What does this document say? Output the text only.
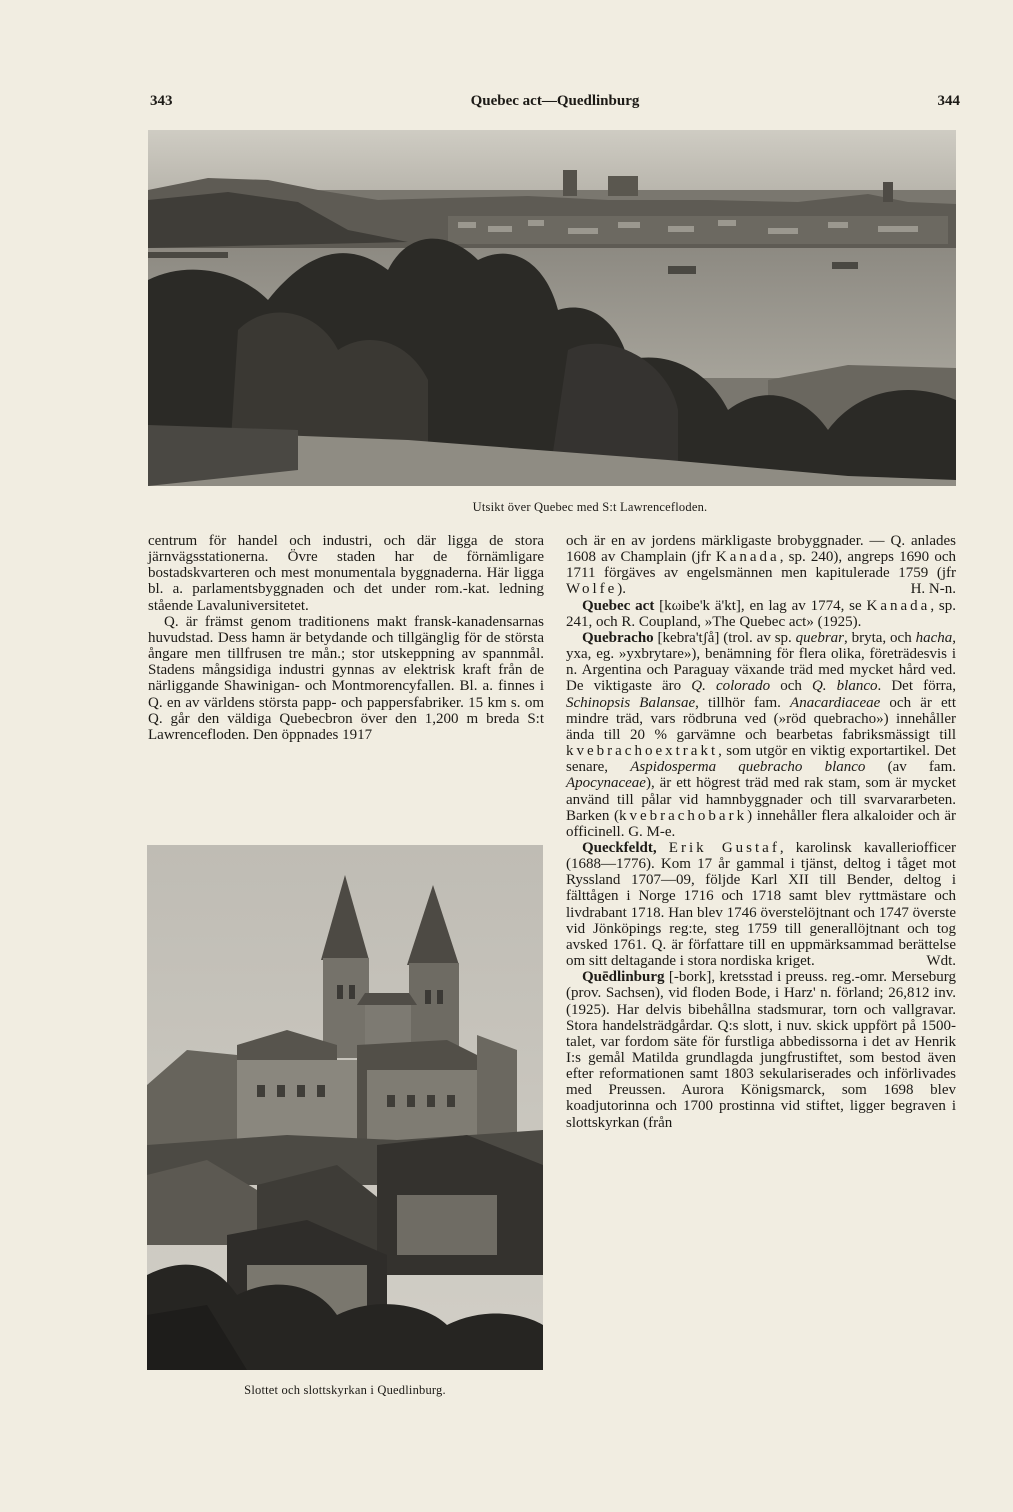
343	Quebec act—Quedlinburg	344
Utsikt över Quebec med S:t Lawrencefloden.

centrum för handel och industri, och där ligga de stora järnvägsstationerna. Övre staden har de förnämligare bostadskvarteren och mest monumentala byggnaderna. Här ligga bl. a. parlamentsbyggnaden och det under rom.-kat. ledning stående Lavaluniversitetet.

Q. är främst genom traditionens makt fransk-kanadensarnas huvudstad. Dess hamn är betydande och tillgänglig för de största ångare men tillfrusen tre mån.; stor utskeppning av spannmål. Stadens mångsidiga industri gynnas av elektrisk kraft från de närliggande Shawinigan- och Montmorencyfallen. Bl. a. finnes i Q. en av världens största papp- och pappersfabriker. 15 km s. om Q. går den väldiga Quebecbron över den 1,200 m breda S:t Lawrencefloden. Den öppnades 1917

Slottet och slottskyrkan i Quedlinburg.

och är en av jordens märkligaste brobyggnader. — Q. anlades 1608 av Champlain (jfr Kanada, sp. 240), angreps 1690 och 1711 förgäves av engelsmännen men kapitulerade 1759 (jfr Wolfe).	H. N-n.

Quebec act [kωibe'k ä'kt], en lag av 1774, se Kanada, sp. 241, och R. Coupland, »The Quebec act» (1925).

Quebracho [kebra'tʃå] (trol. av sp. quebrar, bryta, och hacha, yxa, eg. »yxbrytare»), benämning för flera olika, företrädesvis i n. Argentina och Paraguay växande träd med mycket hård ved. De viktigaste äro Q. colorado och Q. blanco. Det förra, Schinopsis Balansae, tillhör fam. Anacardiaceae och är ett mindre träd, vars rödbruna ved (»röd quebracho») innehåller ända till 20 % garvämne och bearbetas fabriksmässigt till kvebrachoextrakt, som utgör en viktig exportartikel. Det senare, Aspidosperma quebracho blanco (av fam. Apocynaceae), är ett högrest träd med rak stam, som är mycket använd till pålar vid hamnbyggnader och till svarvararbeten. Barken (kvebrachobark) innehåller flera alkaloider och är officinell. G. M-e.

Queckfeldt, Erik Gustaf, karolinsk kavalleriofficer (1688—1776). Kom 17 år gammal i tjänst, deltog i tåget mot Ryssland 1707—09, följde Karl XII till Bender, deltog i fälttågen i Norge 1716 och 1718 samt blev ryttmästare och livdrabant 1718. Han blev 1746 överstelöjtnant och 1747 överste vid Jönköpings reg:te, steg 1759 till generallöjtnant och tog avsked 1761. Q. är författare till en uppmärksammad berättelse om sitt deltagande i stora nordiska kriget.	Wdt.

Quēdlinburg [-bork], kretsstad i preuss. reg.-omr. Merseburg (prov. Sachsen), vid floden Bode, i Harz' n. förland; 26,812 inv. (1925). Har delvis bibehållna stadsmurar, torn och vallgravar. Stora handelsträdgårdar. Q:s slott, i nuv. skick uppfört på 1500-talet, var fordom säte för furstliga abbedissorna i det av Henrik I:s gemål Matilda grundlagda jungfrustiftet, som bestod även efter reformationen samt 1803 sekulariserades och införlivades med Preussen. Aurora Königsmarck, som 1698 blev koadjutorinna och 1700 prostinna vid stiftet, ligger begraven i slottskyrkan (från
